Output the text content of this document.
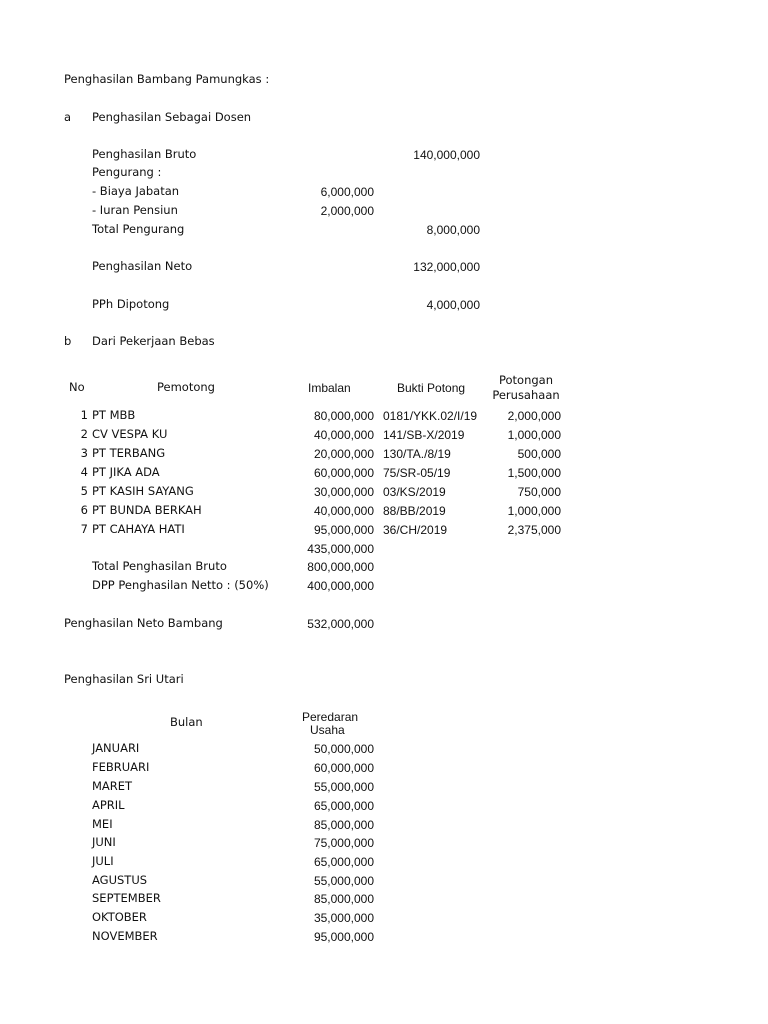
Penghasilan Bambang Pamungkas :
a Penghasilan Sebagai Dosen
Penghasilan Bruto	140,000,000
Pengurang :
- Biaya Jabatan	6,000,000
- Iuran Pensiun	2,000,000
Total Pengurang	8,000,000
Penghasilan Neto	132,000,000
PPh Dipotong	4,000,000
b Dari Pekerjaan Bebas
No	Pemotong	Imbalan	Bukti Potong
Potongan
Perusahaan
1 PT MBB	80,000,000 0181/YKK.02/I/19	2,000,000
2 CV VESPA KU	40,000,000 141/SB-X/2019	1,000,000
3 PT TERBANG	20,000,000 130/TA./8/19	500,000
4 PT JIKA ADA	60,000,000 75/SR-05/19	1,500,000
5 PT KASIH SAYANG	30,000,000 03/KS/2019	750,000
6 PT BUNDA BERKAH	40,000,000 88/BB/2019	1,000,000
7 PT CAHAYA HATI	95,000,000 36/CH/2019	2,375,000
435,000,000
Total Penghasilan Bruto	800,000,000
DPP Penghasilan Netto : (50%)	400,000,000
Penghasilan Neto Bambang	532,000,000
Penghasilan Sri Utari
Bulan	Peredaran
Usaha
JANUARI	50,000,000
FEBRUARI	60,000,000
MARET	55,000,000
APRIL	65,000,000
MEI	85,000,000
JUNI	75,000,000
JULI	65,000,000
AGUSTUS	55,000,000
SEPTEMBER	85,000,000
OKTOBER	35,000,000
NOVEMBER	95,000,000
